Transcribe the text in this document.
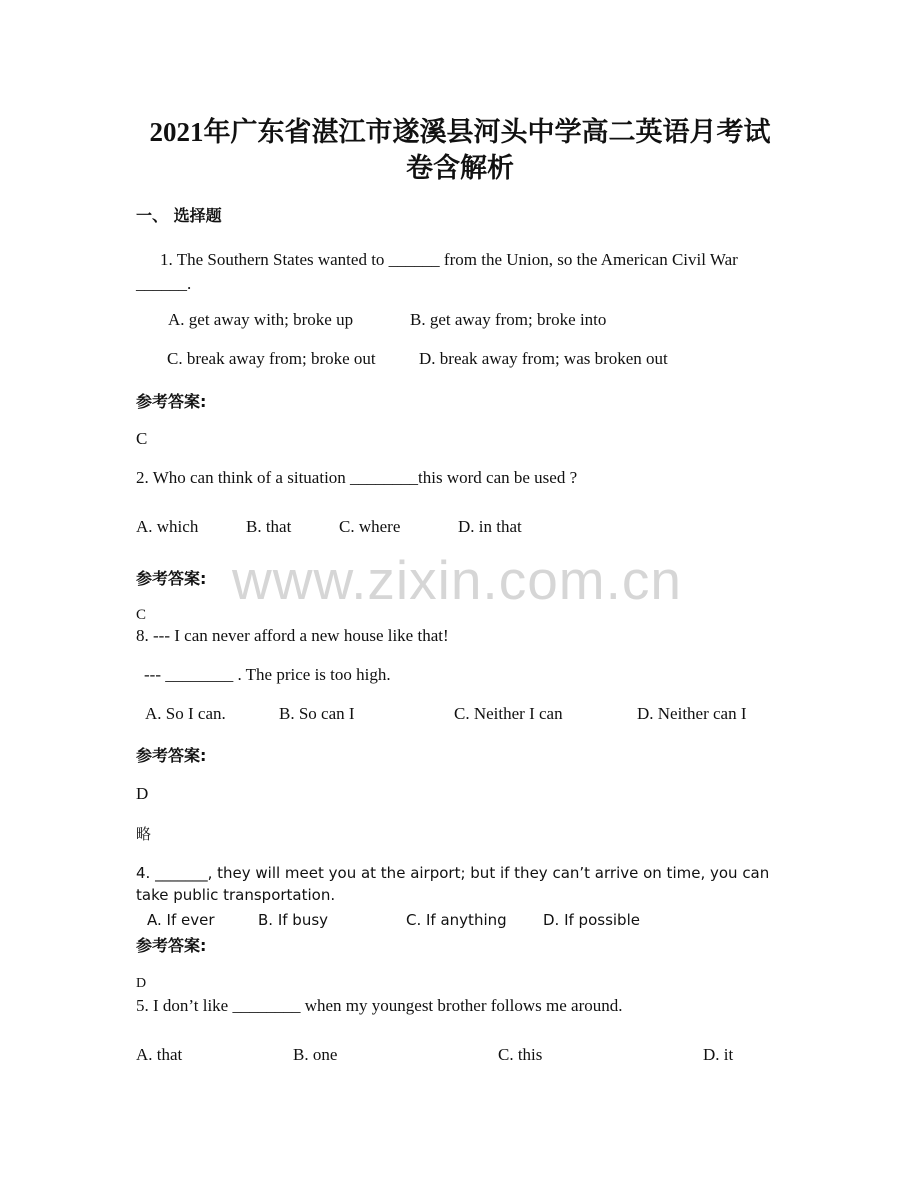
2021年广东省湛江市遂溪县河头中学高二英语月考试
卷含解析
一、 选择题
1. The Southern States wanted to ______ from the Union, so the American Civil War
______.
A. get away with; broke up	B. get away from; broke into
C. break away from; broke out	D. break away from; was broken out
参考答案:
C
2. Who can think of a situation ________this word can be used ?
A. which	B. that	C. where	D. in that
www.zixin.com.cn
参考答案:
C
8. --- I can never afford a new house like that!
--- ________ . The price is too high.
A. So I can.	B. So can I	C. Neither I can	D. Neither can I
参考答案:
D
略
4. _______, they will meet you at the airport; but if they can’t arrive on time, you can
take public transportation.
A. If ever	B. If busy	C. If anything D. If possible
参考答案:
D
5. I don’t like ________ when my youngest brother follows me around.
A. that	B. one	C. this	D. it
